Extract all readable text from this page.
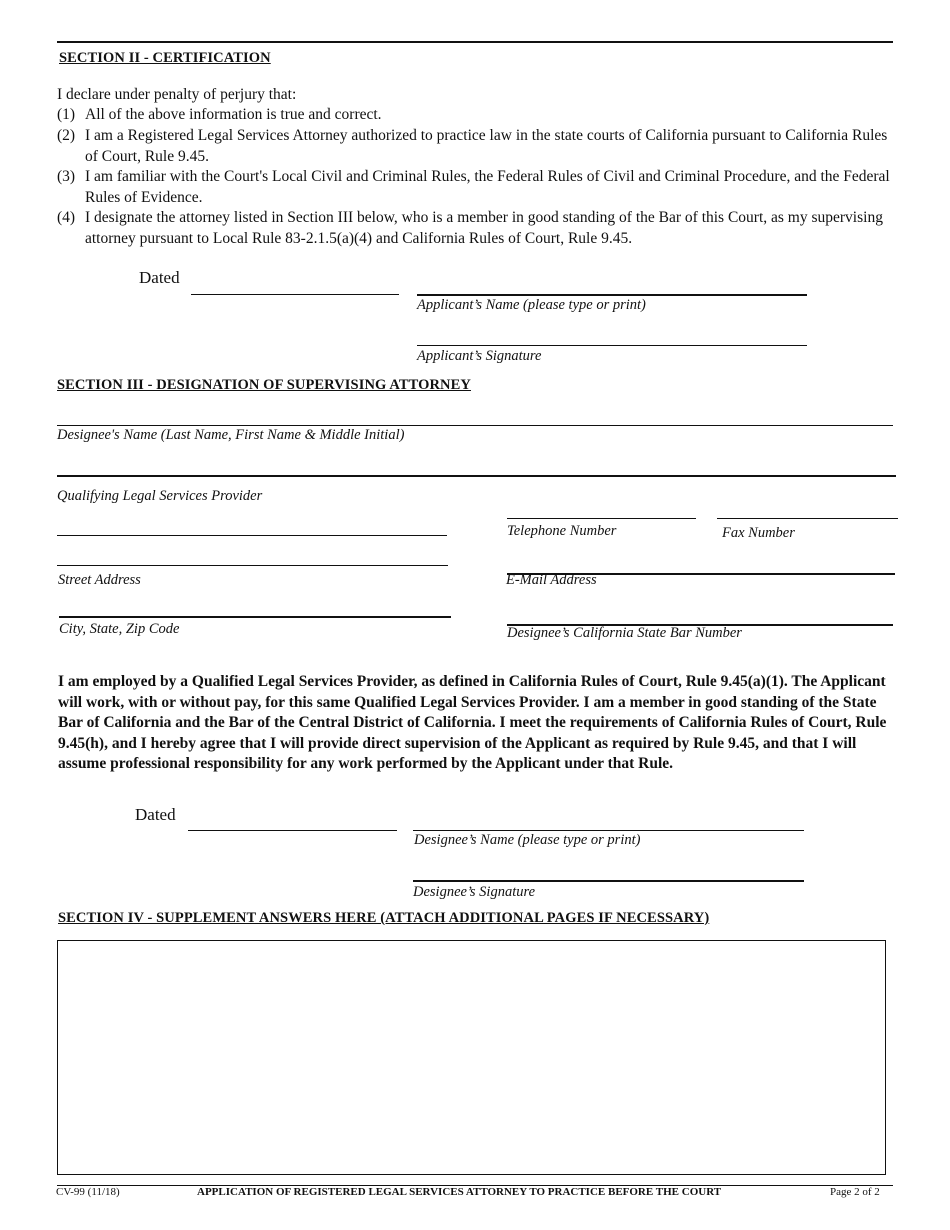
SECTION II - CERTIFICATION
I declare under penalty of perjury that:
(1) All of the above information is true and correct.
(2) I am a Registered Legal Services Attorney authorized to practice law in the state courts of California pursuant to California Rules of Court, Rule 9.45.
(3) I am familiar with the Court's Local Civil and Criminal Rules, the Federal Rules of Civil and Criminal Procedure, and the Federal Rules of Evidence.
(4) I designate the attorney listed in Section III below, who is a member in good standing of the Bar of this Court, as my supervising attorney pursuant to Local Rule 83-2.1.5(a)(4) and California Rules of Court, Rule 9.45.
Dated
Applicant’s Name (please type or print)
Applicant’s Signature
SECTION III - DESIGNATION OF SUPERVISING ATTORNEY
Designee's Name (Last Name, First Name & Middle Initial)
Qualifying Legal Services Provider
Telephone Number	Fax Number
Street Address	E-Mail Address
City, State, Zip Code	Designee’s California State Bar Number
I am employed by a Qualified Legal Services Provider, as defined in California Rules of Court, Rule 9.45(a)(1). The Applicant will work, with or without pay, for this same Qualified Legal Services Provider. I am a member in good standing of the State Bar of California and the Bar of the Central District of California. I meet the requirements of California Rules of Court, Rule 9.45(h), and I hereby agree that I will provide direct supervision of the Applicant as required by Rule 9.45, and that I will assume professional responsibility for any work performed by the Applicant under that Rule.
Dated
Designee’s Name (please type or print)
Designee’s Signature
SECTION IV - SUPPLEMENT ANSWERS HERE (ATTACH ADDITIONAL PAGES IF NECESSARY)
CV-99 (11/18)	APPLICATION OF REGISTERED LEGAL SERVICES ATTORNEY TO PRACTICE BEFORE THE COURT	Page 2 of 2
